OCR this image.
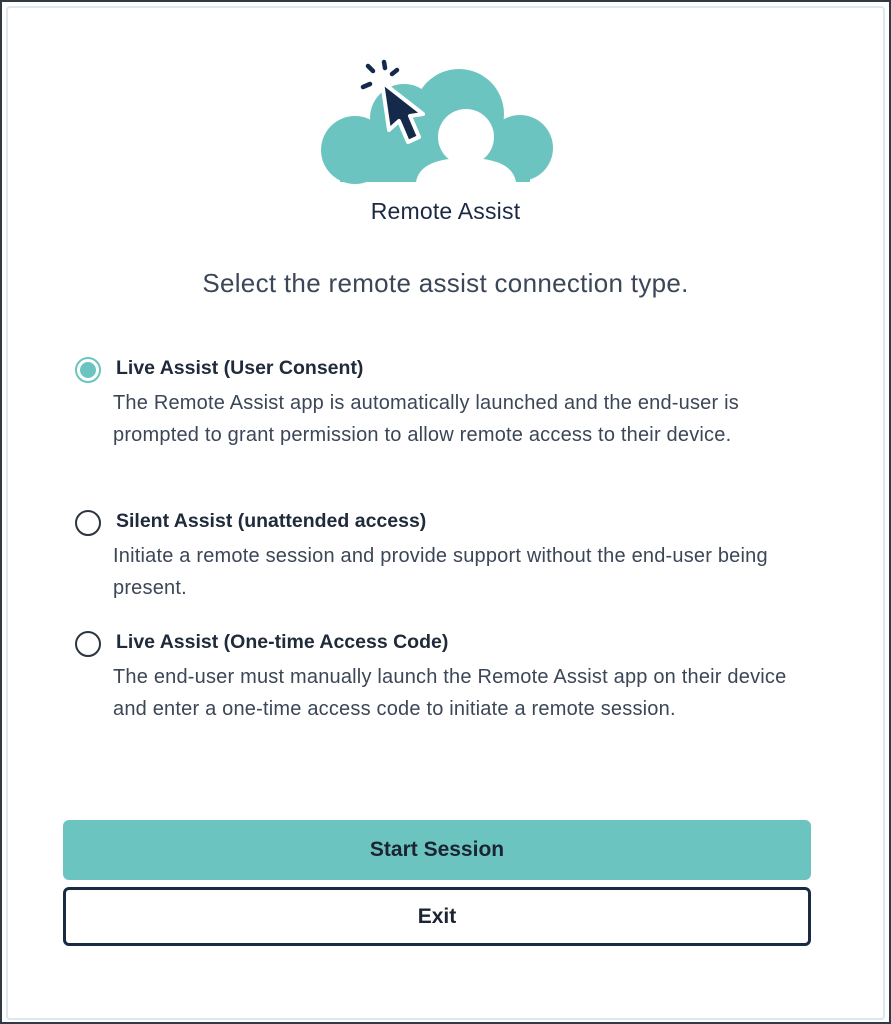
Remote Assist
Select the remote assist connection type.
Live Assist (User Consent)
The Remote Assist app is automatically launched and the end-user is prompted to grant permission to allow remote access to their device.
Silent Assist (unattended access)
Initiate a remote session and provide support without the end-user being present.
Live Assist (One-time Access Code)
The end-user must manually launch the Remote Assist app on their device and enter a one-time access code to initiate a remote session.
Start Session
Exit
